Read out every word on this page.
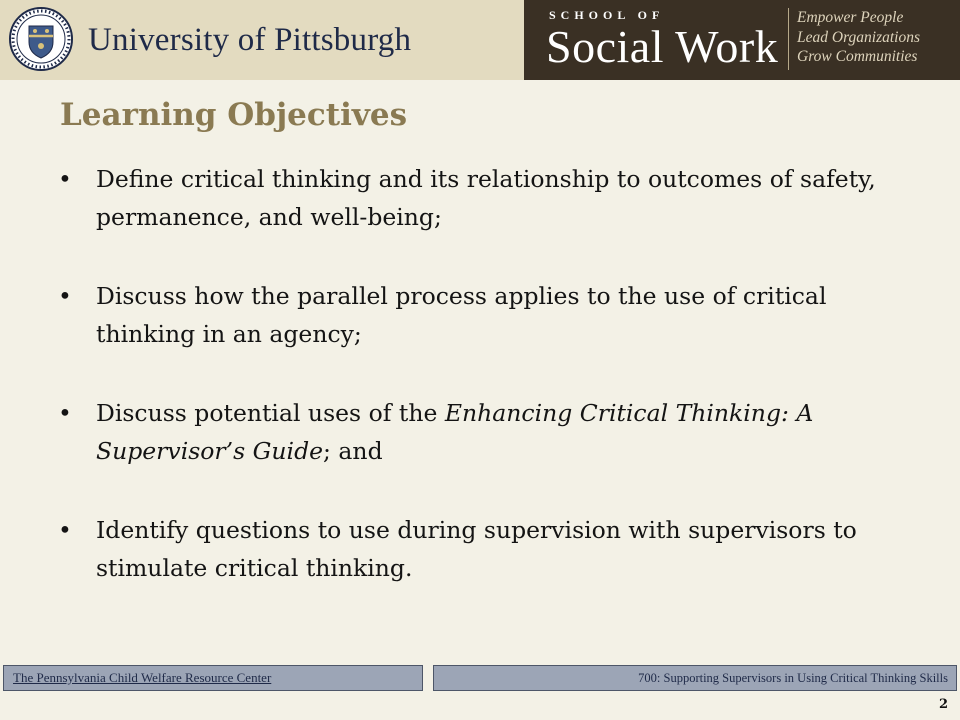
University of Pittsburgh
SCHOOL OF
Social Work
Empower People
Lead Organizations
Grow Communities
Learning Objectives
• Define critical thinking and its relationship to outcomes of safety, permanence, and well-being;
• Discuss how the parallel process applies to the use of critical thinking in an agency;
• Discuss potential uses of the Enhancing Critical Thinking: A Supervisor’s Guide; and
• Identify questions to use during supervision with supervisors to stimulate critical thinking.
The Pennsylvania Child Welfare Resource Center	700: Supporting Supervisors in Using Critical Thinking Skills
2
